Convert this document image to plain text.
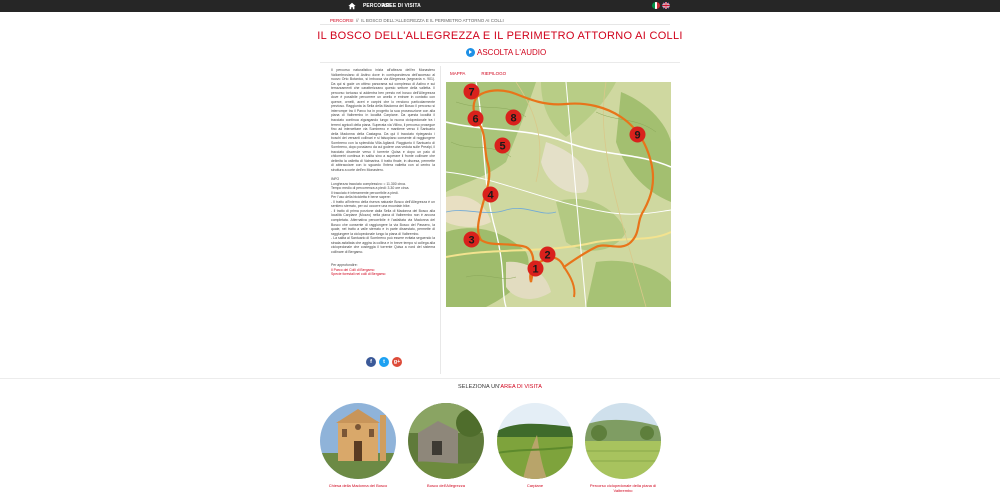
PERCORSI
AREE DI VISITA
PERCORSI // IL BOSCO DELL'ALLEGREZZA E IL PERIMETRO ATTORNO AI COLLI
IL BOSCO DELL'ALLEGREZZA E IL PERIMETRO ATTORNO AI COLLI
ASCOLTA L'AUDIO

Il percorso naturalistico inizia all'altezza dell'ex Monastero Vallombrosiano di Astino dove in corrispondenza dell'accesso al nuovo Orto Botanico, si imbocca via Allegrezza (segnavia n. 901). Da qui si gode un ottimo panorama sul complesso di Astino e sui terrazzamenti che caratterizzano questo settore della valletta. Il percorso tortuoso si addentra ben presto nel bosco dell'Allegrezza dove è possibile percorrere un anello e entrare in contatto con querce, ornelli, aceri e carpini che lo rendono particolarmente prezioso. Raggiunta la Sella della Madonna del Bosco il percorso si interrompe tra il Parco ha in progetto la sua prosecuzione con alla piana di Valbrembo in località Carpiane. Da questa località il tracciato continua zigzagando lungo la nuova ciclopedonale tra i terreni agricoli della piana. Superata via Villino, il percorso prosegue fino ad intercettare via Sombreno e mantiene verso il Santuario della Madonna della Castagna. Da qui il tracciato ripiegando i boschi dei versanti collinari e si falsopiano consente di raggiungere Sombreno con la splendida Villa Agliardi. Raggiunto il Santuario di Sombreno, dopo possiamo da cui godere una veduta sulle Prealpi, il tracciato discende verso il torrente Quisa e dopo un paio di chilometri continua in salita sino a superare il fronte collinare che delimita la valletta di Valmarina. Il tratto finale, in discesa, permette di abbracciare con lo sguardo l'intera valletta con al centro la struttura a corte dell'ex Monastero.

INFO
Lunghezza tracciato complessivo: ≈ 11.300 circa.
Tempo medio di percorrenza a piedi: 3.30 ore circa.
Il tracciato è interamente percorribile a piedi.
Per l'uso della bicicletta è bene sapere:
- Il tratto all'interno della riserva naturale Bosco dell'Allegrezza è un sentiero sterrato, per cui occorre una mountain bike.
- Il tratto di prima porzione dalla Sella di Madonna del Bosco alla località Carpiane (Mozzo) nella piana di Valbrembo non è ancora completata. Alternativa percorribile è l'asfaltata via Madonna del Bosco che consente di raggiungere la via Bosco del Passero, la quale, nel tratto a valle sterrato e in parte dissestato, permette di raggiungere la ciclopedonale lungo la piana di Valbrembo.
- La salita al Santuario di Sombreno può essere evitata seguendo la strada asfaltata che aggira la collina e in breve tempo si collega alla ciclopedonale che costeggia il torrente Quisa a nord del sistema collinare di Bergamo.

Per approfondire:
Il Parco dei Colli di Bergamo
Specie forestali nei colli di Bergamo

MAPPA	RIEPILOGO
1
2
3
4
5
6
7
8
9
f	t	g+
SELEZIONA UN'AREA DI VISITA
Chiesa della Madonna del Bosco	Bosco dell'Allegrezza	Carpiane	Percorso ciclopedonale della piana di Valbrembo
